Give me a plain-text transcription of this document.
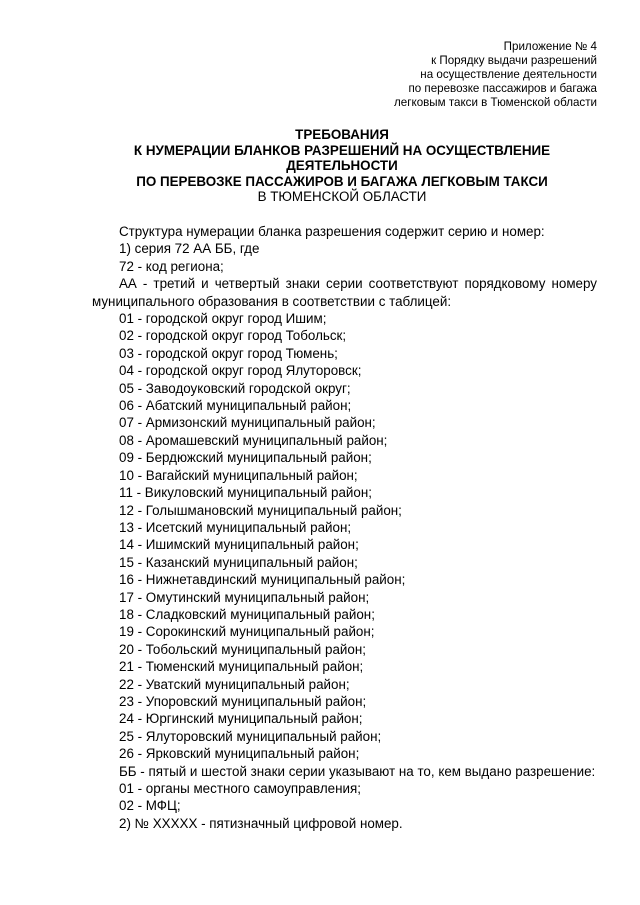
Приложение № 4
к Порядку выдачи разрешений
на осуществление деятельности
по перевозке пассажиров и багажа
легковым такси в Тюменской области
ТРЕБОВАНИЯ
К НУМЕРАЦИИ БЛАНКОВ РАЗРЕШЕНИЙ НА ОСУЩЕСТВЛЕНИЕ
ДЕЯТЕЛЬНОСТИ
ПО ПЕРЕВОЗКЕ ПАССАЖИРОВ И БАГАЖА ЛЕГКОВЫМ ТАКСИ
В ТЮМЕНСКОЙ ОБЛАСТИ
Структура нумерации бланка разрешения содержит серию и номер:
1) серия 72 АА ББ, где
72 - код региона;
АА - третий и четвертый знаки серии соответствуют порядковому номеру муниципального образования в соответствии с таблицей:
01 - городской округ город Ишим;
02 - городской округ город Тобольск;
03 - городской округ город Тюмень;
04 - городской округ город Ялуторовск;
05 - Заводоуковский городской округ;
06 - Абатский муниципальный район;
07 - Армизонский муниципальный район;
08 - Аромашевский муниципальный район;
09 - Бердюжский муниципальный район;
10 - Вагайский муниципальный район;
11 - Викуловский муниципальный район;
12 - Голышмановский муниципальный район;
13 - Исетский муниципальный район;
14 - Ишимский муниципальный район;
15 - Казанский муниципальный район;
16 - Нижнетавдинский муниципальный район;
17 - Омутинский муниципальный район;
18 - Сладковский муниципальный район;
19 - Сорокинский муниципальный район;
20 - Тобольский муниципальный район;
21 - Тюменский муниципальный район;
22 - Уватский муниципальный район;
23 - Упоровский муниципальный район;
24 - Юргинский муниципальный район;
25 - Ялуторовский муниципальный район;
26 - Ярковский муниципальный район;
ББ - пятый и шестой знаки серии указывают на то, кем выдано разрешение:
01 - органы местного самоуправления;
02 - МФЦ;
2) № XXXXX - пятизначный цифровой номер.
